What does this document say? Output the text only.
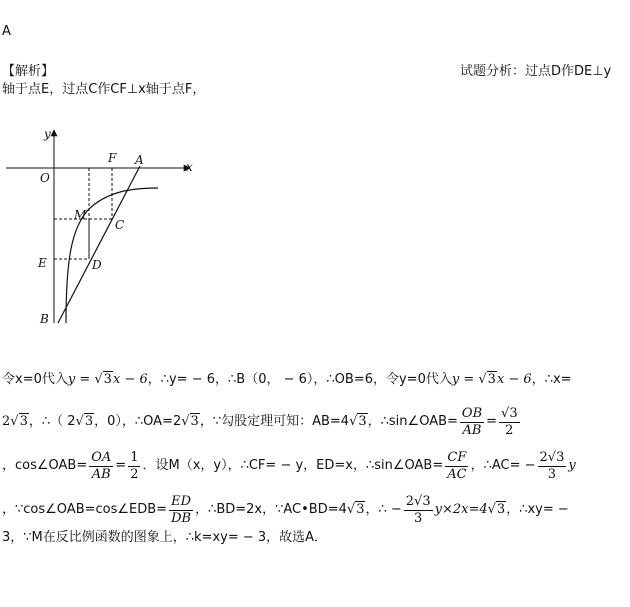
A
【解析】	试题分析：过点D作DE⊥y
轴于点E，过点C作CF⊥x轴于点F，
y
x
O
F A
M
C
E	D
B
令x=0代入y = √3x − 6，∴y= − 6，∴B（0， − 6），∴OB=6，令y=0代入y = √3x − 6，∴x=
2 √3 ，∴（ 2 √3 ，0），∴OA=2 √3 ，∵勾股定理可知：AB=4 √3 ，∴sin∠OAB= $\frac{OB}{AB} = \frac{√3}{2}$
，cos∠OAB= $\frac{OA}{AB} = \frac{1}{2}$ ．设M（x，y），∴CF= − y，ED=x，∴sin∠OAB= $\frac{CF}{AC}$ ，∴AC= − $\frac{2√3}{3}$ y
，∵cos∠OAB=cos∠EDB= $\frac{ED}{DB}$ ，∴BD=2x，∵AC•BD=4 √3 ，∴ − $\frac{2√3}{3} y\times 2x=4$ √3 ，∴xy= −
3，∵M在反比例函数的图象上，∴k=xy= − 3，故选A．
